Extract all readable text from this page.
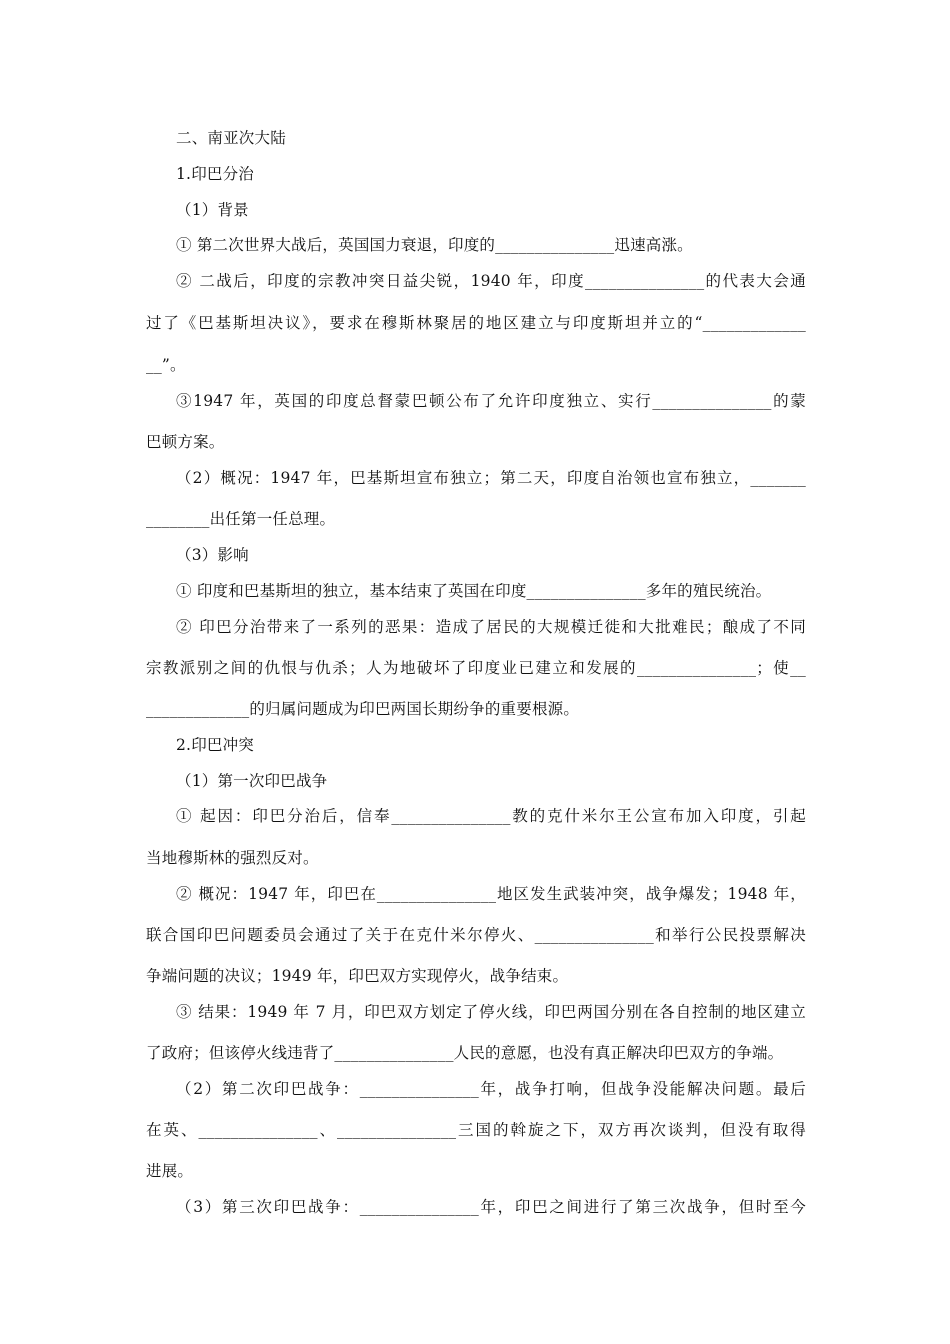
二、南亚次大陆
1.印巴分治
（1）背景
① 第二次世界大战后，英国国力衰退，印度的_______________迅速高涨。
② 二战后，印度的宗教冲突日益尖锐，1940 年，印度_______________的代表大会通
过了《巴基斯坦决议》，要求在穆斯林聚居的地区建立与印度斯坦并立的“_____________
__”。
③1947 年，英国的印度总督蒙巴顿公布了允许印度独立、实行_______________的蒙
巴顿方案。
（2）概况：1947 年，巴基斯坦宣布独立；第二天，印度自治领也宣布独立，_______
________出任第一任总理。
（3）影响
① 印度和巴基斯坦的独立，基本结束了英国在印度_______________多年的殖民统治。
② 印巴分治带来了一系列的恶果：造成了居民的大规模迁徙和大批难民；酿成了不同
宗教派别之间的仇恨与仇杀；人为地破坏了印度业已建立和发展的_______________；使__
_____________的归属问题成为印巴两国长期纷争的重要根源。
2.印巴冲突
（1）第一次印巴战争
① 起因：印巴分治后，信奉_______________教的克什米尔王公宣布加入印度，引起
当地穆斯林的强烈反对。
② 概况：1947 年，印巴在_______________地区发生武装冲突，战争爆发；1948 年，
联合国印巴问题委员会通过了关于在克什米尔停火、_______________和举行公民投票解决
争端问题的决议；1949 年，印巴双方实现停火，战争结束。
③ 结果：1949 年 7 月，印巴双方划定了停火线，印巴两国分别在各自控制的地区建立
了政府；但该停火线违背了_______________人民的意愿，也没有真正解决印巴双方的争端。
（2）第二次印巴战争：_______________年，战争打响，但战争没能解决问题。最后
在英、_______________、_______________三国的斡旋之下，双方再次谈判，但没有取得
进展。
（3）第三次印巴战争：_______________年，印巴之间进行了第三次战争，但时至今
